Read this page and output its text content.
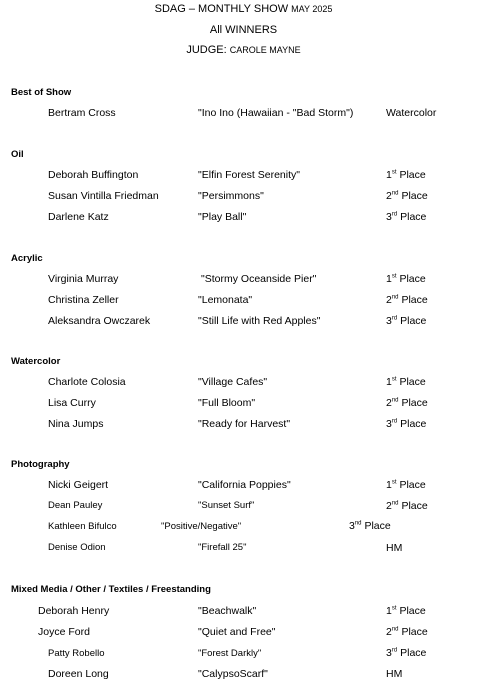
SDAG – MONTHLY SHOW MAY 2025
All WINNERS
JUDGE: CAROLE MAYNE
Best of Show
Bertram Cross	"Ino Ino (Hawaiian - "Bad Storm")	Watercolor
Oil
Deborah Buffington	"Elfin Forest Serenity"	1st Place
Susan Vintilla Friedman	"Persimmons"	2nd Place
Darlene Katz	"Play Ball"	3rd Place
Acrylic
Virginia Murray	"Stormy Oceanside Pier"	1st Place
Christina Zeller	"Lemonata"	2nd Place
Aleksandra Owczarek	"Still Life with Red Apples"	3rd Place
Watercolor
Charlote Colosia	"Village Cafes"	1st Place
Lisa Curry	"Full Bloom"	2nd Place
Nina Jumps	"Ready for Harvest"	3rd Place
Photography
Nicki Geigert	"California Poppies"	1st Place
Dean Pauley	"Sunset Surf"	2nd Place
Kathleen Bifulco	"Positive/Negative"	3nd Place
Denise Odion	"Firefall 25"	HM
Mixed Media / Other / Textiles / Freestanding
Deborah Henry	"Beachwalk"	1st Place
Joyce Ford	"Quiet and Free"	2nd Place
Patty Robello	"Forest Darkly"	3rd Place
Doreen Long	"CalypsoScarf"	HM
